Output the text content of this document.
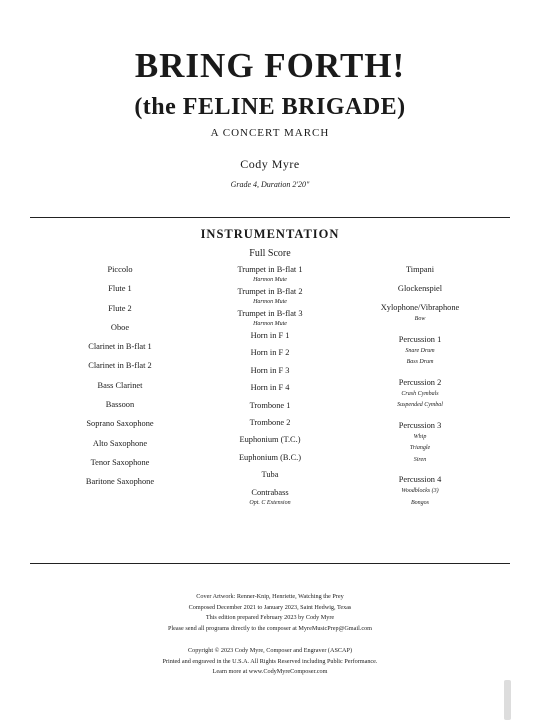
BRING FORTH!
(the FELINE BRIGADE)
A CONCERT MARCH
Cody Myre
Grade 4, Duration 2'20"
INSTRUMENTATION
Full Score
Piccolo
Flute 1
Flute 2
Oboe
Clarinet in B-flat 1
Clarinet in B-flat 2
Bass Clarinet
Bassoon
Soprano Saxophone
Alto Saxophone
Tenor Saxophone
Baritone Saxophone
Trumpet in B-flat 1
Harmon Mute
Trumpet in B-flat 2
Harmon Mute
Trumpet in B-flat 3
Harmon Mute
Horn in F 1
Horn in F 2
Horn in F 3
Horn in F 4
Trombone 1
Trombone 2
Euphonium (T.C.)
Euphonium (B.C.)
Tuba
Contrabass
Opt. C Extension
Timpani
Glockenspiel
Xylophone/Vibraphone
Bow
Percussion 1
Snare Drum
Bass Drum
Percussion 2
Crash Cymbals
Suspended Cymbal
Percussion 3
Whip
Triangle
Siren
Percussion 4
Woodblocks (3)
Bongos
Cover Artwork: Renner-Knip, Henriette, Watching the Prey
Composed December 2021 to January 2023, Saint Hedwig, Texas
This edition prepared February 2023 by Cody Myre
Please send all programs directly to the composer at MyreMusicPrep@Gmail.com
Copyright © 2023 Cody Myre, Composer and Engraver (ASCAP)
Printed and engraved in the U.S.A. All Rights Reserved including Public Performance.
Learn more at www.CodyMyreComposer.com
